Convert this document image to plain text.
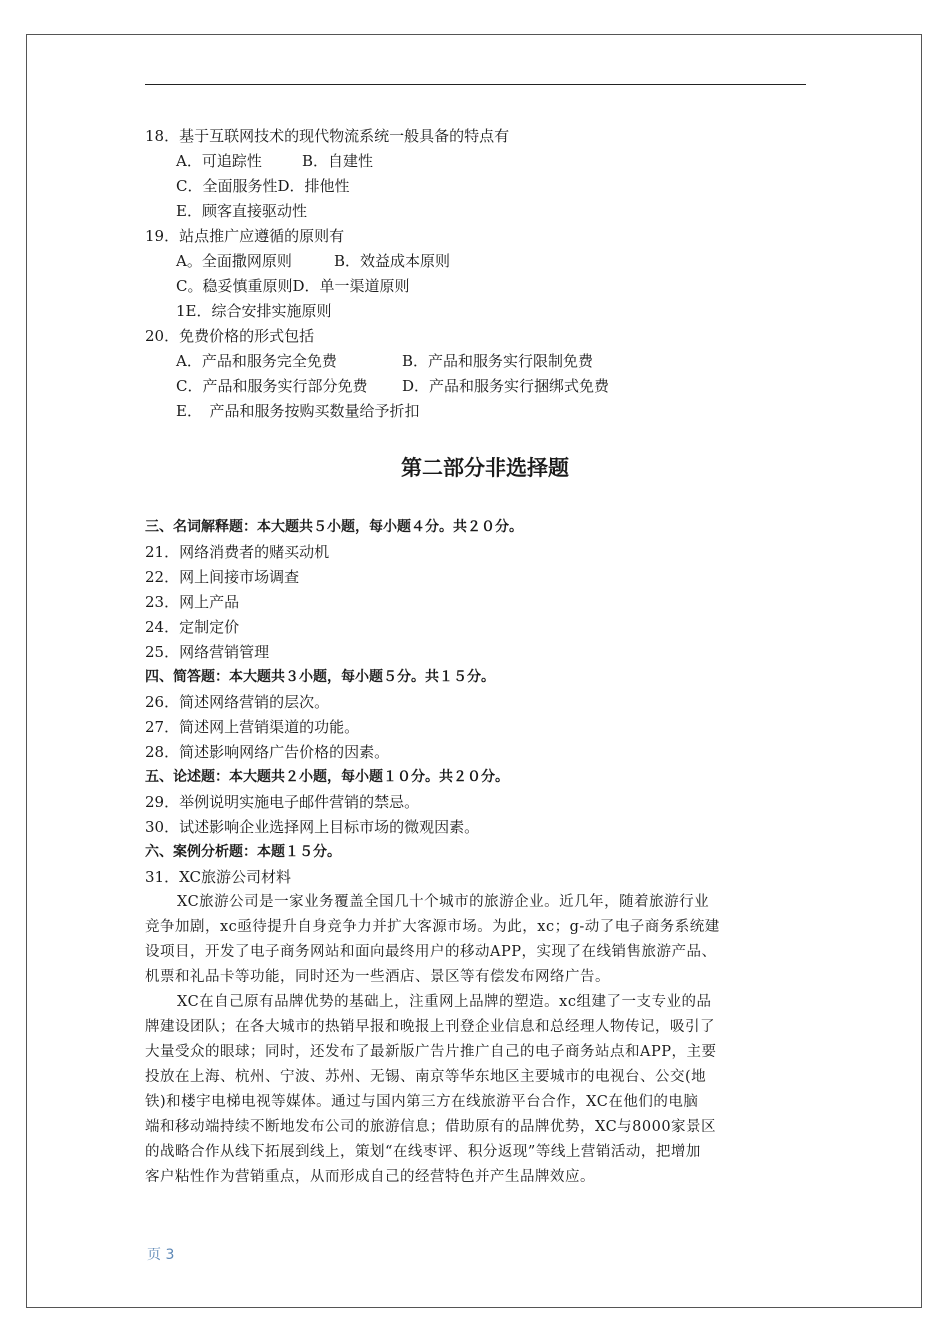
18．基于互联网技术的现代物流系统一般具备的特点有
A．可追踪性	B．自建性
C．全面服务性D．排他性
E．顾客直接驱动性
19．站点推广应遵循的原则有
A。全面撒网原则	B．效益成本原则
C。稳妥慎重原则D．单一渠道原则
1E．综合安排实施原则
20．免费价格的形式包括
A．产品和服务完全免费	B．产品和服务实行限制免费
C．产品和服务实行部分免费	D．产品和服务实行捆绑式免费
E．　产品和服务按购买数量给予折扣
第二部分非选择题
三、名词解释题：本大题共５小题，每小题４分。共２０分。
21．网络消费者的赌买动机
22．网上间接市场调查
23．网上产品
24．定制定价
25．网络营销管理
四、简答题：本大题共３小题，每小题５分。共１５分。
26．简述网络营销的层次。
27．简述网上营销渠道的功能。
28．简述影响网络广告价格的因素。
五、论述题：本大题共２小题，每小题１０分。共２０分。
29．举例说明实施电子邮件营销的禁忌。
30．试述影响企业选择网上目标市场的微观因素。
六、案例分析题：本题１５分。
31．XC旅游公司材料
XC旅游公司是一家业务覆盖全国几十个城市的旅游企业。近几年，随着旅游行业
竞争加剧，xc亟待提升自身竞争力并扩大客源市场。为此，xc；g-动了电子商务系统建
设项目，开发了电子商务网站和面向最终用户的移动APP，实现了在线销售旅游产品、
机票和礼品卡等功能，同时还为一些酒店、景区等有偿发布网络广告。
XC在自己原有品牌优势的基础上，注重网上品牌的塑造。xc组建了一支专业的品
牌建设团队；在各大城市的热销早报和晚报上刊登企业信息和总经理人物传记，吸引了
大量受众的眼球；同时，还发布了最新版广告片推广自己的电子商务站点和APP，主要
投放在上海、杭州、宁波、苏州、无锡、南京等华东地区主要城市的电视台、公交(地
铁)和楼宇电梯电视等媒体。通过与国内第三方在线旅游平台合作，XC在他们的电脑
端和移动端持续不断地发布公司的旅游信息；借助原有的品牌优势，XC与8000家景区
的战略合作从线下拓展到线上，策划“在线枣评、积分返现”等线上营销活动，把增加
客户粘性作为营销重点，从而形成自己的经营特色并产生品牌效应。
页 3
